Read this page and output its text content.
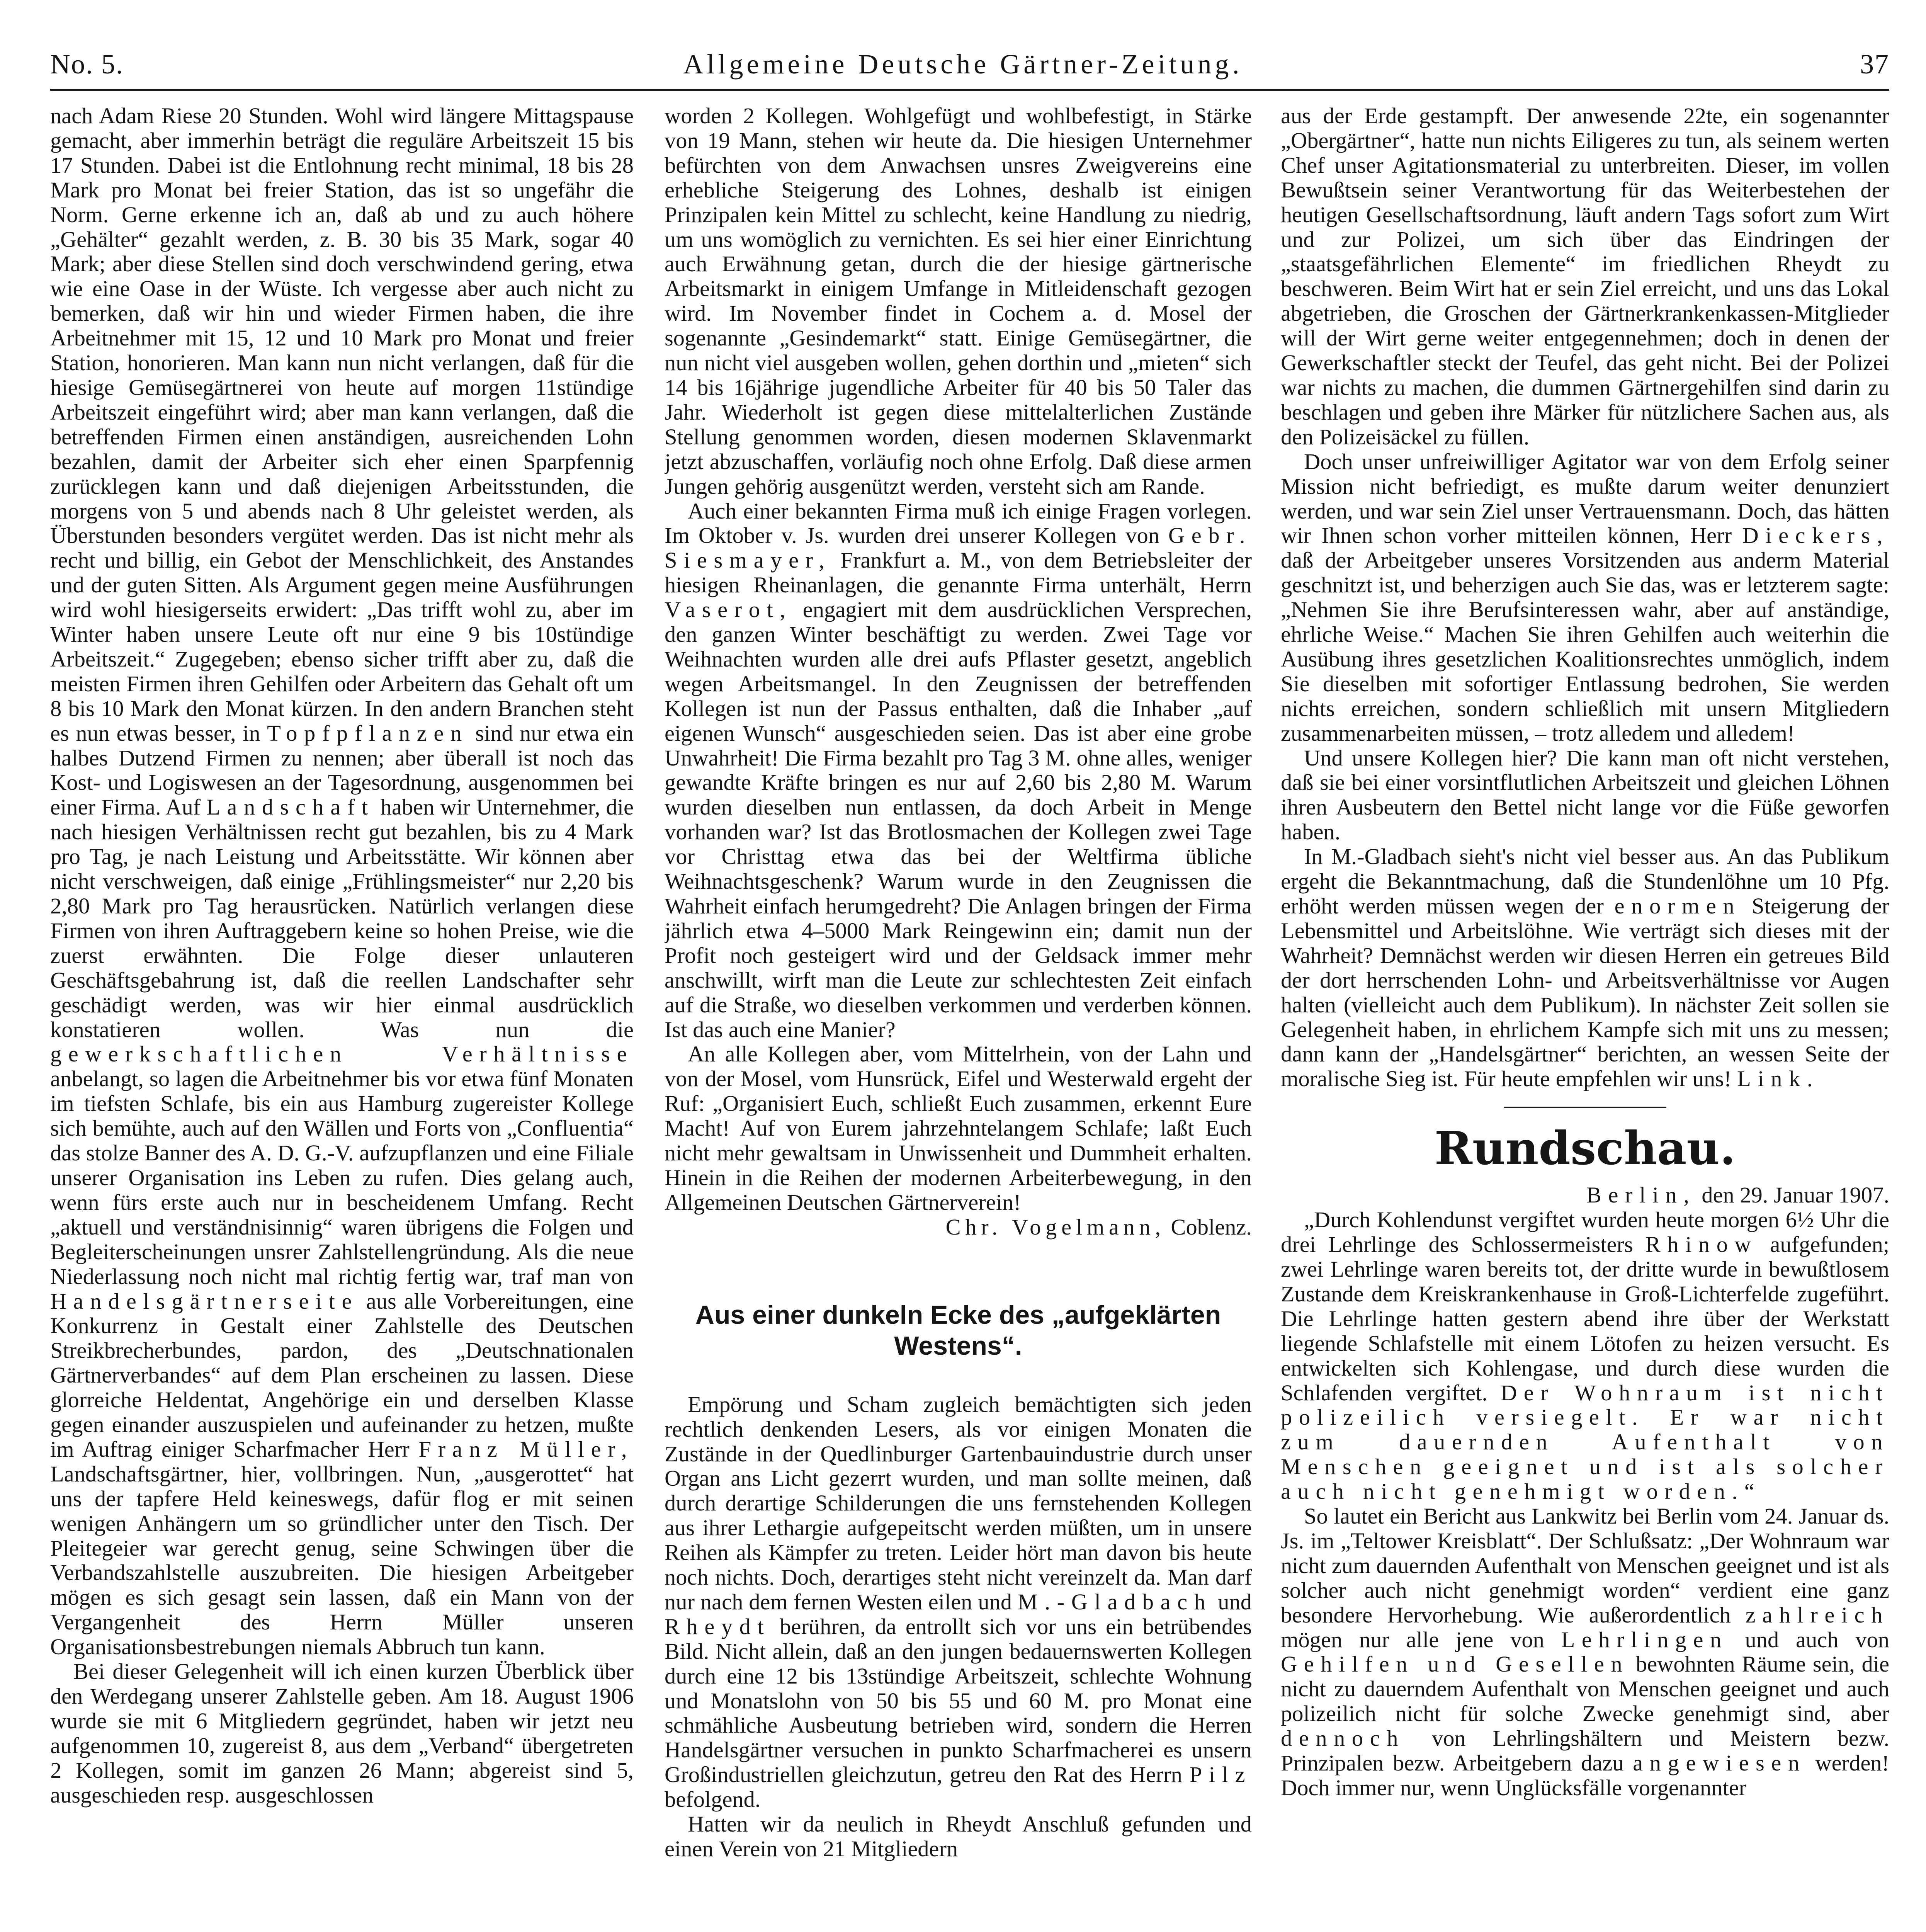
No. 5.	Allgemeine Deutsche Gärtner-Zeitung.	37

nach Adam Riese 20 Stunden. Wohl wird längere Mittagspause gemacht, aber immerhin beträgt die reguläre Arbeitszeit 15 bis 17 Stunden. Dabei ist die Entlohnung recht minimal, 18 bis 28 Mark pro Monat bei freier Station, das ist so ungefähr die Norm. Gerne erkenne ich an, daß ab und zu auch höhere „Gehälter“ gezahlt werden, z. B. 30 bis 35 Mark, sogar 40 Mark; aber diese Stellen sind doch verschwindend gering, etwa wie eine Oase in der Wüste. Ich vergesse aber auch nicht zu bemerken, daß wir hin und wieder Firmen haben, die ihre Arbeitnehmer mit 15, 12 und 10 Mark pro Monat und freier Station, honorieren. Man kann nun nicht verlangen, daß für die hiesige Gemüsegärtnerei von heute auf morgen 11stündige Arbeitszeit eingeführt wird; aber man kann verlangen, daß die betreffenden Firmen einen anständigen, ausreichenden Lohn bezahlen, damit der Arbeiter sich eher einen Sparpfennig zurücklegen kann und daß diejenigen Arbeitsstunden, die morgens von 5 und abends nach 8 Uhr geleistet werden, als Überstunden besonders vergütet werden. Das ist nicht mehr als recht und billig, ein Gebot der Menschlichkeit, des Anstandes und der guten Sitten. Als Argument gegen meine Ausführungen wird wohl hiesigerseits erwidert: „Das trifft wohl zu, aber im Winter haben unsere Leute oft nur eine 9 bis 10stündige Arbeitszeit.“ Zugegeben; ebenso sicher trifft aber zu, daß die meisten Firmen ihren Gehilfen oder Arbeitern das Gehalt oft um 8 bis 10 Mark den Monat kürzen. In den andern Branchen steht es nun etwas besser, in Topfpflanzen sind nur etwa ein halbes Dutzend Firmen zu nennen; aber überall ist noch das Kost- und Logiswesen an der Tagesordnung, ausgenommen bei einer Firma. Auf Landschaft haben wir Unternehmer, die nach hiesigen Verhältnissen recht gut bezahlen, bis zu 4 Mark pro Tag, je nach Leistung und Arbeitsstätte. Wir können aber nicht verschweigen, daß einige „Frühlingsmeister“ nur 2,20 bis 2,80 Mark pro Tag herausrücken. Natürlich verlangen diese Firmen von ihren Auftraggebern keine so hohen Preise, wie die zuerst erwähnten. Die Folge dieser unlauteren Geschäftsgebahrung ist, daß die reellen Landschafter sehr geschädigt werden, was wir hier einmal ausdrücklich konstatieren wollen. Was nun die gewerkschaftlichen Verhältnisse anbelangt, so lagen die Arbeitnehmer bis vor etwa fünf Monaten im tiefsten Schlafe, bis ein aus Hamburg zugereister Kollege sich bemühte, auch auf den Wällen und Forts von „Confluentia“ das stolze Banner des A. D. G.-V. aufzupflanzen und eine Filiale unserer Organisation ins Leben zu rufen. Dies gelang auch, wenn fürs erste auch nur in bescheidenem Umfang. Recht „aktuell und verständnisinnig“ waren übrigens die Folgen und Begleiterscheinungen unsrer Zahlstellengründung. Als die neue Niederlassung noch nicht mal richtig fertig war, traf man von Handelsgärtnerseite aus alle Vorbereitungen, eine Konkurrenz in Gestalt einer Zahlstelle des Deutschen Streikbrecherbundes, pardon, des „Deutschnationalen Gärtnerverbandes“ auf dem Plan erscheinen zu lassen. Diese glorreiche Heldentat, Angehörige ein und derselben Klasse gegen einander auszuspielen und aufeinander zu hetzen, mußte im Auftrag einiger Scharfmacher Herr Franz Müller, Landschaftsgärtner, hier, vollbringen. Nun, „ausgerottet“ hat uns der tapfere Held keineswegs, dafür flog er mit seinen wenigen Anhängern um so gründlicher unter den Tisch. Der Pleitegeier war gerecht genug, seine Schwingen über die Verbandszahlstelle auszubreiten. Die hiesigen Arbeitgeber mögen es sich gesagt sein lassen, daß ein Mann von der Vergangenheit des Herrn Müller unseren Organisationsbestrebungen niemals Abbruch tun kann.

Bei dieser Gelegenheit will ich einen kurzen Überblick über den Werdegang unserer Zahlstelle geben. Am 18. August 1906 wurde sie mit 6 Mitgliedern gegründet, haben wir jetzt neu aufgenommen 10, zugereist 8, aus dem „Verband“ übergetreten 2 Kollegen, somit im ganzen 26 Mann; abgereist sind 5, ausgeschieden resp. ausgeschlossen

worden 2 Kollegen. Wohlgefügt und wohlbefestigt, in Stärke von 19 Mann, stehen wir heute da. Die hiesigen Unternehmer befürchten von dem Anwachsen unsres Zweigvereins eine erhebliche Steigerung des Lohnes, deshalb ist einigen Prinzipalen kein Mittel zu schlecht, keine Handlung zu niedrig, um uns womöglich zu vernichten. Es sei hier einer Einrichtung auch Erwähnung getan, durch die der hiesige gärtnerische Arbeitsmarkt in einigem Umfange in Mitleidenschaft gezogen wird. Im November findet in Cochem a. d. Mosel der sogenannte „Gesindemarkt“ statt. Einige Gemüsegärtner, die nun nicht viel ausgeben wollen, gehen dorthin und „mieten“ sich 14 bis 16jährige jugendliche Arbeiter für 40 bis 50 Taler das Jahr. Wiederholt ist gegen diese mittelalterlichen Zustände Stellung genommen worden, diesen modernen Sklavenmarkt jetzt abzuschaffen, vorläufig noch ohne Erfolg. Daß diese armen Jungen gehörig ausgenützt werden, versteht sich am Rande.

Auch einer bekannten Firma muß ich einige Fragen vorlegen. Im Oktober v. Js. wurden drei unserer Kollegen von Gebr. Siesmayer, Frankfurt a. M., von dem Betriebsleiter der hiesigen Rheinanlagen, die genannte Firma unterhält, Herrn Vaserot, engagiert mit dem ausdrücklichen Versprechen, den ganzen Winter beschäftigt zu werden. Zwei Tage vor Weihnachten wurden alle drei aufs Pflaster gesetzt, angeblich wegen Arbeitsmangel. In den Zeugnissen der betreffenden Kollegen ist nun der Passus enthalten, daß die Inhaber „auf eigenen Wunsch“ ausgeschieden seien. Das ist aber eine grobe Unwahrheit! Die Firma bezahlt pro Tag 3 M. ohne alles, weniger gewandte Kräfte bringen es nur auf 2,60 bis 2,80 M. Warum wurden dieselben nun entlassen, da doch Arbeit in Menge vorhanden war? Ist das Brotlosmachen der Kollegen zwei Tage vor Christtag etwa das bei der Weltfirma übliche Weihnachtsgeschenk? Warum wurde in den Zeugnissen die Wahrheit einfach herumgedreht? Die Anlagen bringen der Firma jährlich etwa 4–5000 Mark Reingewinn ein; damit nun der Profit noch gesteigert wird und der Geldsack immer mehr anschwillt, wirft man die Leute zur schlechtesten Zeit einfach auf die Straße, wo dieselben verkommen und verderben können. Ist das auch eine Manier?

An alle Kollegen aber, vom Mittelrhein, von der Lahn und von der Mosel, vom Hunsrück, Eifel und Westerwald ergeht der Ruf: „Organisiert Euch, schließt Euch zusammen, erkennt Eure Macht! Auf von Eurem jahrzehntelangem Schlafe; laßt Euch nicht mehr gewaltsam in Unwissenheit und Dummheit erhalten. Hinein in die Reihen der modernen Arbeiterbewegung, in den Allgemeinen Deutschen Gärtnerverein!

Chr. Vogelmann, Coblenz.

Aus einer dunkeln Ecke des „aufgeklärten Westens“.

Empörung und Scham zugleich bemächtigten sich jeden rechtlich denkenden Lesers, als vor einigen Monaten die Zustände in der Quedlinburger Gartenbauindustrie durch unser Organ ans Licht gezerrt wurden, und man sollte meinen, daß durch derartige Schilderungen die uns fernstehenden Kollegen aus ihrer Lethargie aufgepeitscht werden müßten, um in unsere Reihen als Kämpfer zu treten. Leider hört man davon bis heute noch nichts. Doch, derartiges steht nicht vereinzelt da. Man darf nur nach dem fernen Westen eilen und M.-Gladbach und Rheydt berühren, da entrollt sich vor uns ein betrübendes Bild. Nicht allein, daß an den jungen bedauernswerten Kollegen durch eine 12 bis 13stündige Arbeitszeit, schlechte Wohnung und Monatslohn von 50 bis 55 und 60 M. pro Monat eine schmähliche Ausbeutung betrieben wird, sondern die Herren Handelsgärtner versuchen in punkto Scharfmacherei es unsern Großindustriellen gleichzutun, getreu den Rat des Herrn Pilz befolgend.

Hatten wir da neulich in Rheydt Anschluß gefunden und einen Verein von 21 Mitgliedern

aus der Erde gestampft. Der anwesende 22te, ein sogenannter „Obergärtner“, hatte nun nichts Eiligeres zu tun, als seinem werten Chef unser Agitationsmaterial zu unterbreiten. Dieser, im vollen Bewußtsein seiner Verantwortung für das Weiterbestehen der heutigen Gesellschaftsordnung, läuft andern Tags sofort zum Wirt und zur Polizei, um sich über das Eindringen der „staatsgefährlichen Elemente“ im friedlichen Rheydt zu beschweren. Beim Wirt hat er sein Ziel erreicht, und uns das Lokal abgetrieben, die Groschen der Gärtnerkrankenkassen-Mitglieder will der Wirt gerne weiter entgegennehmen; doch in denen der Gewerkschaftler steckt der Teufel, das geht nicht. Bei der Polizei war nichts zu machen, die dummen Gärtnergehilfen sind darin zu beschlagen und geben ihre Märker für nützlichere Sachen aus, als den Polizeisäckel zu füllen.

Doch unser unfreiwilliger Agitator war von dem Erfolg seiner Mission nicht befriedigt, es mußte darum weiter denunziert werden, und war sein Ziel unser Vertrauensmann. Doch, das hätten wir Ihnen schon vorher mitteilen können, Herr Dieckers, daß der Arbeitgeber unseres Vorsitzenden aus anderm Material geschnitzt ist, und beherzigen auch Sie das, was er letzterem sagte: „Nehmen Sie ihre Berufsinteressen wahr, aber auf anständige, ehrliche Weise.“ Machen Sie ihren Gehilfen auch weiterhin die Ausübung ihres gesetzlichen Koalitionsrechtes unmöglich, indem Sie dieselben mit sofortiger Entlassung bedrohen, Sie werden nichts erreichen, sondern schließlich mit unsern Mitgliedern zusammenarbeiten müssen, – trotz alledem und alledem!

Und unsere Kollegen hier? Die kann man oft nicht verstehen, daß sie bei einer vorsintflutlichen Arbeitszeit und gleichen Löhnen ihren Ausbeutern den Bettel nicht lange vor die Füße geworfen haben.

In M.-Gladbach sieht's nicht viel besser aus. An das Publikum ergeht die Bekanntmachung, daß die Stundenlöhne um 10 Pfg. erhöht werden müssen wegen der enormen Steigerung der Lebensmittel und Arbeitslöhne. Wie verträgt sich dieses mit der Wahrheit? Demnächst werden wir diesen Herren ein getreues Bild der dort herrschenden Lohn- und Arbeitsverhältnisse vor Augen halten (vielleicht auch dem Publikum). In nächster Zeit sollen sie Gelegenheit haben, in ehrlichem Kampfe sich mit uns zu messen; dann kann der „Handelsgärtner“ berichten, an wessen Seite der moralische Sieg ist. Für heute empfehlen wir uns! Link.

Rundschau.

Berlin, den 29. Januar 1907.

„Durch Kohlendunst vergiftet wurden heute morgen 6½ Uhr die drei Lehrlinge des Schlossermeisters Rhinow aufgefunden; zwei Lehrlinge waren bereits tot, der dritte wurde in bewußtlosem Zustande dem Kreiskrankenhause in Groß-Lichterfelde zugeführt. Die Lehrlinge hatten gestern abend ihre über der Werkstatt liegende Schlafstelle mit einem Lötofen zu heizen versucht. Es entwickelten sich Kohlengase, und durch diese wurden die Schlafenden vergiftet. Der Wohnraum ist nicht polizeilich versiegelt. Er war nicht zum dauernden Aufenthalt von Menschen geeignet und ist als solcher auch nicht genehmigt worden.“

So lautet ein Bericht aus Lankwitz bei Berlin vom 24. Januar ds. Js. im „Teltower Kreisblatt“. Der Schlußsatz: „Der Wohnraum war nicht zum dauernden Aufenthalt von Menschen geeignet und ist als solcher auch nicht genehmigt worden“ verdient eine ganz besondere Hervorhebung. Wie außerordentlich zahlreich mögen nur alle jene von Lehrlingen und auch von Gehilfen und Gesellen bewohnten Räume sein, die nicht zu dauerndem Aufenthalt von Menschen geeignet und auch polizeilich nicht für solche Zwecke genehmigt sind, aber dennoch von Lehrlingshältern und Meistern bezw. Prinzipalen bezw. Arbeitgebern dazu angewiesen werden! Doch immer nur, wenn Unglücksfälle vorgenannter
